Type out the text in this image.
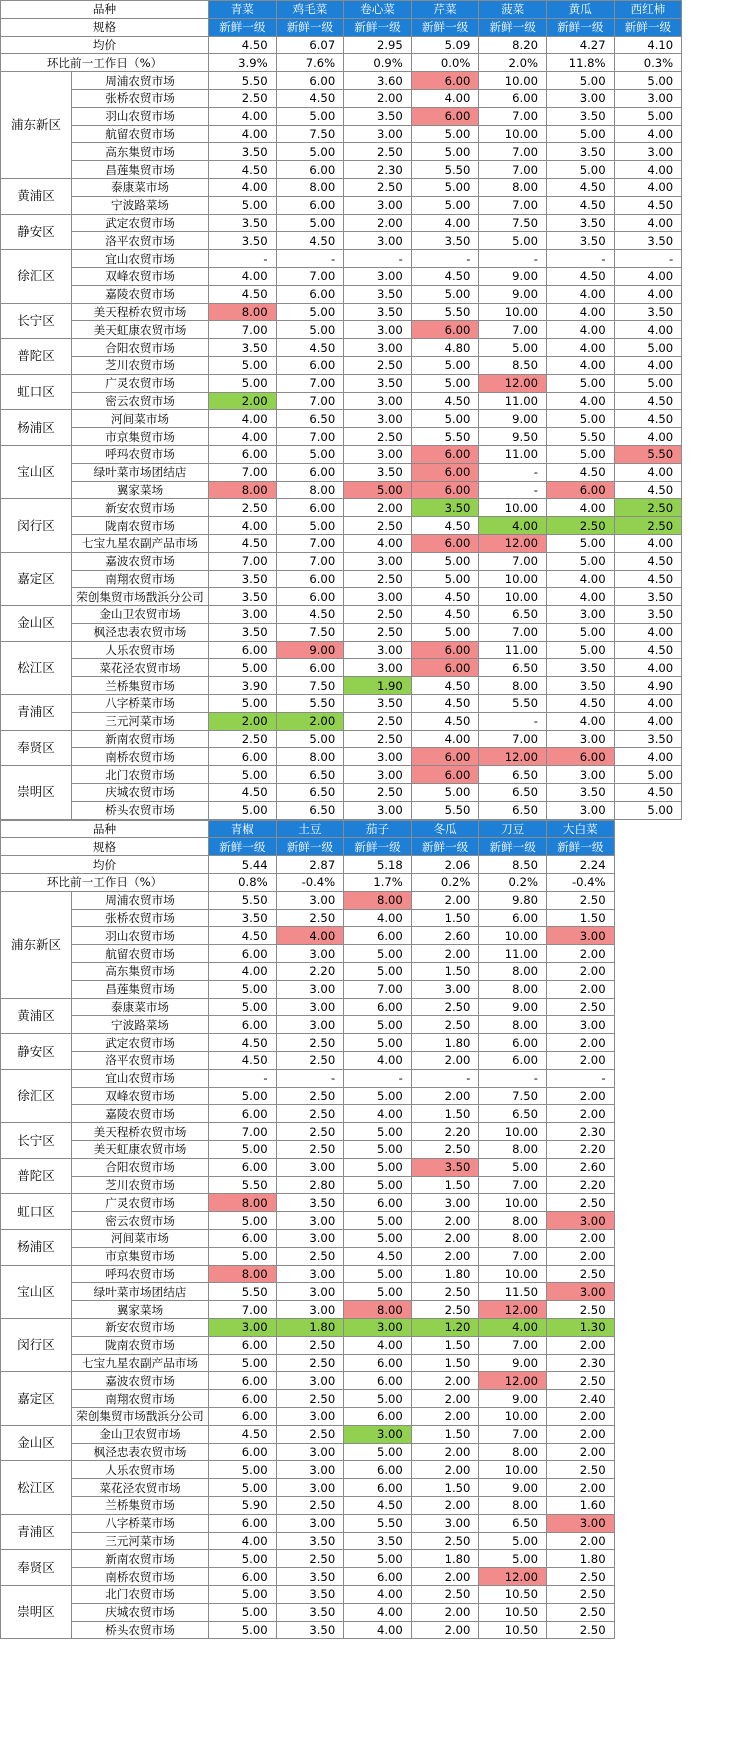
品种		青菜	鸡毛菜	卷心菜	芹菜	菠菜	黄瓜	西红柿
规格		新鲜一级	新鲜一级	新鲜一级	新鲜一级	新鲜一级	新鲜一级	新鲜一级
均价		4.50	6.07	2.95	5.09	8.20	4.27	4.10
环比前一工作日（%）		3.9%	7.6%	0.9%	0.0%	2.0%	11.8%	0.3%
浦东新区	周浦农贸市场	5.50	6.00	3.60	6.00	10.00	5.00	5.00
	张桥农贸市场	2.50	4.50	2.00	4.00	6.00	3.00	3.00
	羽山农贸市场	4.00	5.00	3.50	6.00	7.00	3.50	5.00
	航留农贸市场	4.00	7.50	3.00	5.00	10.00	5.00	4.00
	高东集贸市场	3.50	5.00	2.50	5.00	7.00	3.50	3.00
	昌莲集贸市场	4.50	6.00	2.30	5.50	7.00	5.00	4.00
黄浦区	泰康菜市场	4.00	8.00	2.50	5.00	8.00	4.50	4.00
	宁波路菜场	5.00	6.00	3.00	5.00	7.00	4.50	4.50
静安区	武定农贸市场	3.50	5.00	2.00	4.00	7.50	3.50	4.00
	洛平农贸市场	3.50	4.50	3.00	3.50	5.00	3.50	3.50
徐汇区	宜山农贸市场	-	-	-	-	-	-	-
	双峰农贸市场	4.00	7.00	3.00	4.50	9.00	4.50	4.00
	嘉陵农贸市场	4.50	6.00	3.50	5.00	9.00	4.00	4.00
长宁区	美天程桥农贸市场	8.00	5.00	3.50	5.50	10.00	4.00	3.50
	美天虹康农贸市场	7.00	5.00	3.00	6.00	7.00	4.00	4.00
普陀区	合阳农贸市场	3.50	4.50	3.00	4.80	5.00	4.00	5.00
	芝川农贸市场	5.00	6.00	2.50	5.00	8.50	4.00	4.00
虹口区	广灵农贸市场	5.00	7.00	3.50	5.00	12.00	5.00	5.00
	密云农贸市场	2.00	7.00	3.00	4.50	11.00	4.00	4.50
杨浦区	河间菜市场	4.00	6.50	3.00	5.00	9.00	5.00	4.50
	市京集贸市场	4.00	7.00	2.50	5.50	9.50	5.50	4.00
宝山区	呼玛农贸市场	6.00	5.00	3.00	6.00	11.00	5.00	5.50
	绿叶菜市场团结店	7.00	6.00	3.50	6.00	-	4.50	4.00
	翼家菜场	8.00	8.00	5.00	6.00	-	6.00	4.50
闵行区	新安农贸市场	2.50	6.00	2.00	3.50	10.00	4.00	2.50
	陇南农贸市场	4.00	5.00	2.50	4.50	4.00	2.50	2.50
	七宝九星农副产品市场	4.50	7.00	4.00	6.00	12.00	5.00	4.00
嘉定区	嘉波农贸市场	7.00	7.00	3.00	5.00	7.00	5.00	4.50
	南翔农贸市场	3.50	6.00	2.50	5.00	10.00	4.00	4.50
	荣创集贸市场戬浜分公司	3.50	6.00	3.00	4.50	10.00	4.00	3.50
金山区	金山卫农贸市场	3.00	4.50	2.50	4.50	6.50	3.00	3.50
	枫泾忠表农贸市场	3.50	7.50	2.50	5.00	7.00	5.00	4.00
松江区	人乐农贸市场	6.00	9.00	3.00	6.00	11.00	5.00	4.50
	菜花泾农贸市场	5.00	6.00	3.00	6.00	6.50	3.50	4.00
	兰桥集贸市场	3.90	7.50	1.90	4.50	8.00	3.50	4.90
青浦区	八字桥菜市场	5.00	5.50	3.50	4.50	5.50	4.50	4.00
	三元河菜市场	2.00	2.00	2.50	4.50	-	4.00	4.00
奉贤区	新南农贸市场	2.50	5.00	2.50	4.00	7.00	3.00	3.50
	南桥农贸市场	6.00	8.00	3.00	6.00	12.00	6.00	4.00
崇明区	北门农贸市场	5.00	6.50	3.00	6.00	6.50	3.00	5.00
	庆城农贸市场	4.50	6.50	2.50	5.00	6.50	3.50	4.50
	桥头农贸市场	5.00	6.50	3.00	5.50	6.50	3.00	5.00
品种		青椒	土豆	茄子	冬瓜	刀豆	大白菜
规格		新鲜一级	新鲜一级	新鲜一级	新鲜一级	新鲜一级	新鲜一级
均价		5.44	2.87	5.18	2.06	8.50	2.24
环比前一工作日（%）		0.8%	-0.4%	1.7%	0.2%	0.2%	-0.4%
浦东新区	周浦农贸市场	5.50	3.00	8.00	2.00	9.80	2.50
	张桥农贸市场	3.50	2.50	4.00	1.50	6.00	1.50
	羽山农贸市场	4.50	4.00	6.00	2.60	10.00	3.00
	航留农贸市场	6.00	3.00	5.00	2.00	11.00	2.00
	高东集贸市场	4.00	2.20	5.00	1.50	8.00	2.00
	昌莲集贸市场	5.00	3.00	7.00	3.00	8.00	2.00
黄浦区	泰康菜市场	5.00	3.00	6.00	2.50	9.00	2.50
	宁波路菜场	6.00	3.00	5.00	2.50	8.00	3.00
静安区	武定农贸市场	4.50	2.50	5.00	1.80	6.00	2.00
	洛平农贸市场	4.50	2.50	4.00	2.00	6.00	2.00
徐汇区	宜山农贸市场	-	-	-	-	-	-
	双峰农贸市场	5.00	2.50	5.00	2.00	7.50	2.00
	嘉陵农贸市场	6.00	2.50	4.00	1.50	6.50	2.00
长宁区	美天程桥农贸市场	7.00	2.50	5.00	2.20	10.00	2.30
	美天虹康农贸市场	5.00	2.50	5.00	2.50	8.00	2.20
普陀区	合阳农贸市场	6.00	3.00	5.00	3.50	5.00	2.60
	芝川农贸市场	5.50	2.80	5.00	1.50	7.00	2.20
虹口区	广灵农贸市场	8.00	3.50	6.00	3.00	10.00	2.50
	密云农贸市场	5.00	3.00	5.00	2.00	8.00	3.00
杨浦区	河间菜市场	6.00	3.00	5.00	2.00	8.00	2.00
	市京集贸市场	5.00	2.50	4.50	2.00	7.00	2.00
宝山区	呼玛农贸市场	8.00	3.00	5.00	1.80	10.00	2.50
	绿叶菜市场团结店	5.50	3.00	5.00	2.50	11.50	3.00
	翼家菜场	7.00	3.00	8.00	2.50	12.00	2.50
闵行区	新安农贸市场	3.00	1.80	3.00	1.20	4.00	1.30
	陇南农贸市场	6.00	2.50	4.00	1.50	7.00	2.00
	七宝九星农副产品市场	5.00	2.50	6.00	1.50	9.00	2.30
嘉定区	嘉波农贸市场	6.00	3.00	6.00	2.00	12.00	2.50
	南翔农贸市场	6.00	2.50	5.00	2.00	9.00	2.40
	荣创集贸市场戬浜分公司	6.00	3.00	6.00	2.00	10.00	2.00
金山区	金山卫农贸市场	4.50	2.50	3.00	1.50	7.00	2.00
	枫泾忠表农贸市场	6.00	3.00	5.00	2.00	8.00	2.00
松江区	人乐农贸市场	5.00	3.00	6.00	2.00	10.00	2.50
	菜花泾农贸市场	5.00	3.00	6.00	1.50	9.00	2.00
	兰桥集贸市场	5.90	2.50	4.50	2.00	8.00	1.60
青浦区	八字桥菜市场	6.00	3.00	5.50	3.00	6.50	3.00
	三元河菜市场	4.00	3.50	3.50	2.50	5.00	2.00
奉贤区	新南农贸市场	5.00	2.50	5.00	1.80	5.00	1.80
	南桥农贸市场	6.00	3.50	6.00	2.00	12.00	2.50
崇明区	北门农贸市场	5.00	3.50	4.00	2.50	10.50	2.50
	庆城农贸市场	5.00	3.50	4.00	2.00	10.50	2.50
	桥头农贸市场	5.00	3.50	4.00	2.00	10.50	2.50
